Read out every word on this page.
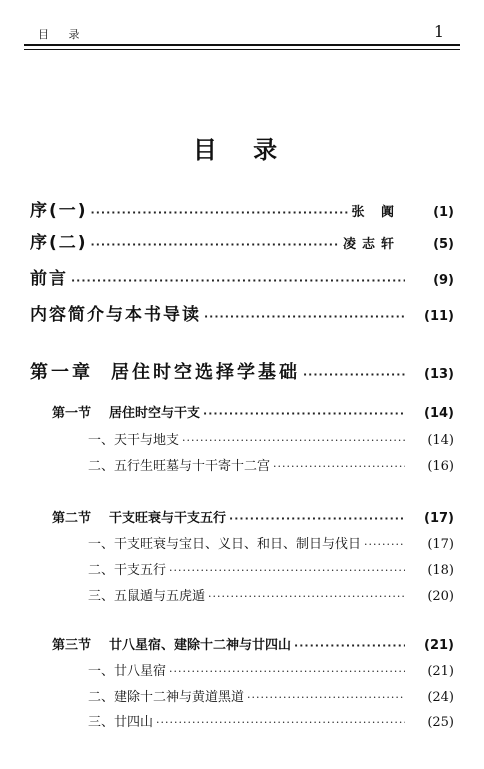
目 录	1
目 录
序(一) ·····	张 阗	(1)
序(二) ·····	凌志轩	(5)
前言 ·····	(9)
内容简介与本书导读 ·····	(11)
第一章 居住时空选择学基础 ·····	(13)
第一节 居住时空与干支 ·····	(14)
一、天干与地支 ·····	(14)
二、五行生旺墓与十干寄十二宫 ·····	(16)
第二节 干支旺衰与干支五行 ·····	(17)
一、干支旺衰与宝日、义日、和日、制日与伐日 ·····	(17)
二、干支五行 ·····	(18)
三、五鼠遁与五虎遁 ·····	(20)
第三节 廿八星宿、建除十二神与廿四山 ·····	(21)
一、廿八星宿 ·····	(21)
二、建除十二神与黄道黑道 ·····	(24)
三、廿四山 ·····	(25)
